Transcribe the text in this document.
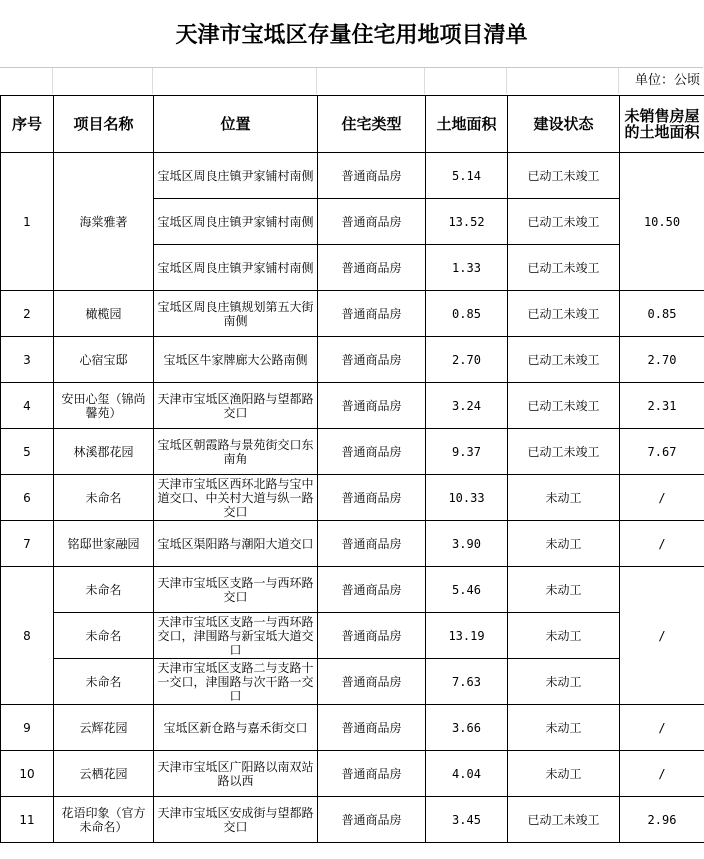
天津市宝坻区存量住宅用地项目清单
单位：公顷
序号	项目名称	位置	住宅类型	土地面积	建设状态	未销售房屋的土地面积
1	海棠雅著	宝坻区周良庄镇尹家铺村南侧	普通商品房	5.14	已动工未竣工	10.50
		宝坻区周良庄镇尹家铺村南侧	普通商品房	13.52	已动工未竣工	
		宝坻区周良庄镇尹家铺村南侧	普通商品房	1.33	已动工未竣工	
2	橄榄园	宝坻区周良庄镇规划第五大街南侧	普通商品房	0.85	已动工未竣工	0.85
3	心宿宝邸	宝坻区牛家牌廊大公路南侧	普通商品房	2.70	已动工未竣工	2.70
4	安田心玺（锦尚馨苑）	天津市宝坻区渔阳路与望都路交口	普通商品房	3.24	已动工未竣工	2.31
5	林溪郡花园	宝坻区朝霞路与景苑街交口东南角	普通商品房	9.37	已动工未竣工	7.67
6	未命名	天津市宝坻区西环北路与宝中道交口、中关村大道与纵一路交口	普通商品房	10.33	未动工	/
7	铭邸世家融园	宝坻区渠阳路与潮阳大道交口	普通商品房	3.90	未动工	/
8	未命名	天津市宝坻区支路一与西环路交口	普通商品房	5.46	未动工	/
	未命名	天津市宝坻区支路一与西环路交口，津围路与新宝坻大道交口	普通商品房	13.19	未动工	
	未命名	天津市宝坻区支路二与支路十一交口，津围路与次干路一交口	普通商品房	7.63	未动工	
9	云辉花园	宝坻区新仓路与嘉禾街交口	普通商品房	3.66	未动工	/
10	云栖花园	天津市宝坻区广阳路以南双站路以西	普通商品房	4.04	未动工	/
11	花语印象（官方未命名）	天津市宝坻区安成街与望都路交口	普通商品房	3.45	已动工未竣工	2.96
